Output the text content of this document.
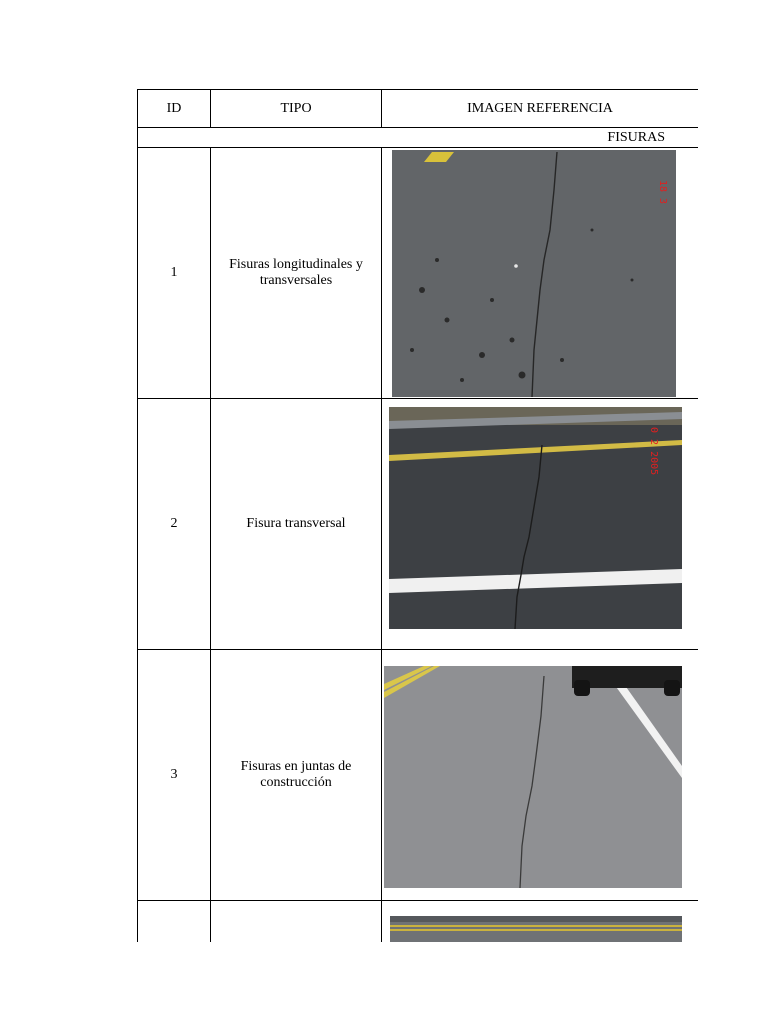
ID	TIPO	IMAGEN REFERENCIA
FISURAS		
1	Fisuras longitudinales y transversales	18 3

2	Fisura transversal	0 2 2005

3	Fisuras en juntas de construcción	
